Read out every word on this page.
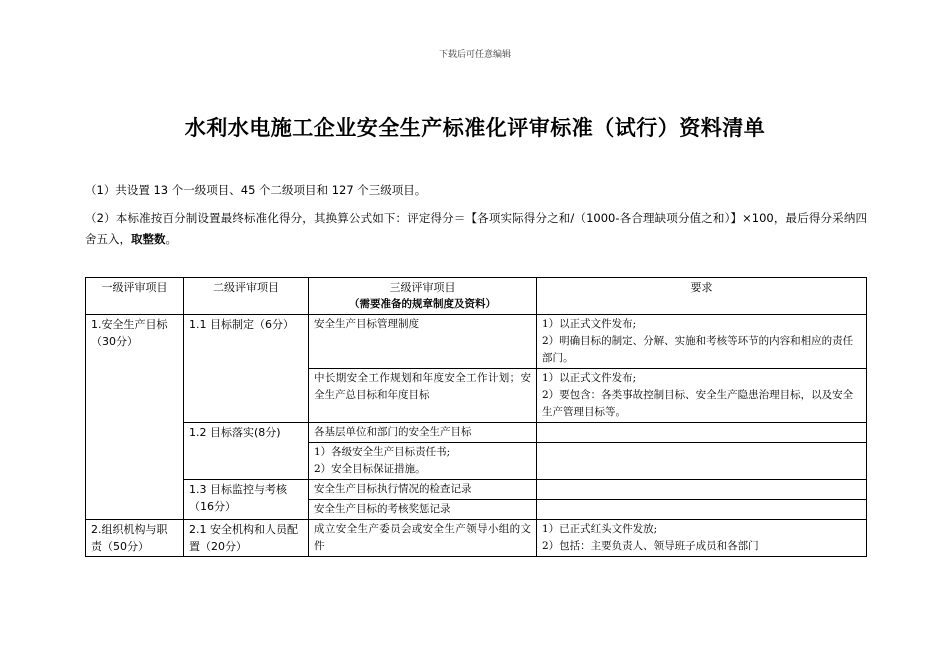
下载后可任意编辑
水利水电施工企业安全生产标准化评审标准（试行）资料清单
（1）共设置 13 个一级项目、45 个二级项目和 127 个三级项目。
（2）本标准按百分制设置最终标准化得分，其换算公式如下：评定得分＝【各项实际得分之和/（1000-各合理缺项分值之和）】×100，最后得分采纳四舍五入，取整数。
一级评审项目	二级评审项目	三级评审项目
（需要准备的规章制度及资料）	要求
1.安全生产目标（30分）	1.1 目标制定（6分）	安全生产目标管理制度	1）以正式文件发布;
2）明确目标的制定、分解、实施和考核等环节的内容和相应的责任部门。

		中长期安全工作规划和年度安全工作计划；安全生产总目标和年度目标	1）以正式文件发布;
2）要包含：各类事故控制目标、安全生产隐患治理目标，以及安全生产管理目标等。

	1.2 目标落实(8分)	各基层单位和部门的安全生产目标	

		1）各级安全生产目标责任书;
2）安全目标保证措施。	

	1.3 目标监控与考核（16分）	安全生产目标执行情况的检查记录	
		安全生产目标的考核奖惩记录	
2.组织机构与职责（50分）	2.1 安全机构和人员配置（20分）	成立安全生产委员会或安全生产领导小组的文件	1）已正式红头文件发放;
2）包括：主要负责人、领导班子成员和各部门
